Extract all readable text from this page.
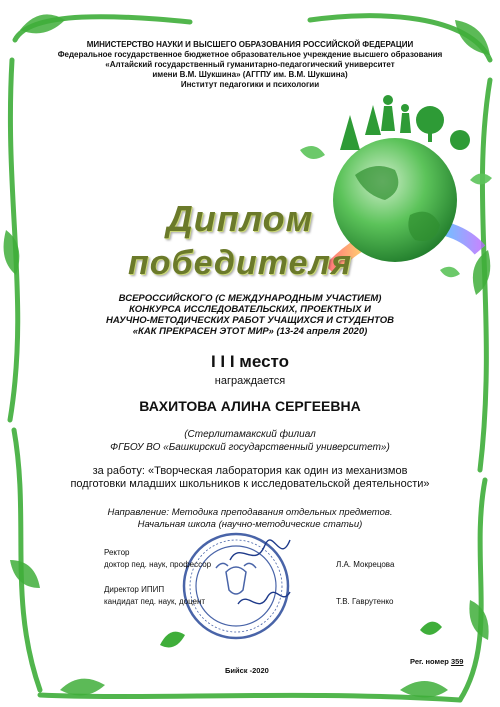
МИНИСТЕРСТВО НАУКИ И ВЫСШЕГО ОБРАЗОВАНИЯ РОССИЙСКОЙ ФЕДЕРАЦИИ
Федеральное государственное бюджетное образовательное учреждение высшего образования
«Алтайский государственный гуманитарно-педагогический университет
имени В.М. Шукшина» (АГГПУ им. В.М. Шукшина)
Институт педагогики и психологии
Диплом
победителя
ВСЕРОССИЙСКОГО (С МЕЖДУНАРОДНЫМ УЧАСТИЕМ)
КОНКУРСА ИССЛЕДОВАТЕЛЬСКИХ, ПРОЕКТНЫХ И
НАУЧНО-МЕТОДИЧЕСКИХ РАБОТ УЧАЩИХСЯ И СТУДЕНТОВ
«КАК ПРЕКРАСЕН ЭТОТ МИР» (13-24 апреля 2020)
I I I место
награждается
ВАХИТОВА АЛИНА СЕРГЕЕВНА
(Стерлитамакский филиал
ФГБОУ ВО «Башкирский государственный университет»)
за работу: «Творческая лаборатория как один из механизмов
подготовки младших школьников к исследовательской деятельности»
Направление: Методика преподавания отдельных предметов.
Начальная школа (научно-методические статьи)
Ректор
доктор пед. наук, профессор	Л.А. Мокрецова
Директор ИПИП
кандидат пед. наук, доцент	Т.В. Гаврутенко
Бийск -2020
Рег. номер 359
